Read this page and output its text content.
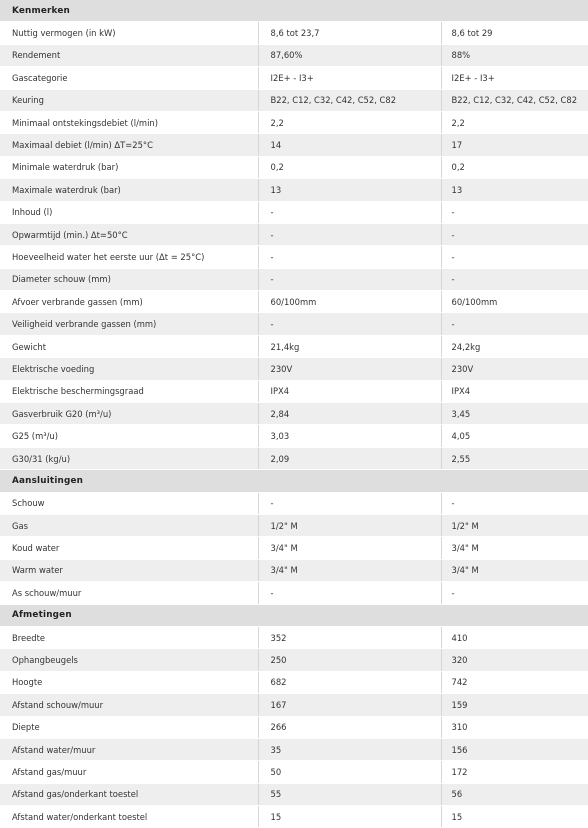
Kenmerken		
Nuttig vermogen (in kW)	8,6 tot 23,7	8,6 tot 29
Rendement	87,60%	88%
Gascategorie	I2E+ - I3+	I2E+ - I3+
Keuring	B22, C12, C32, C42, C52, C82	B22, C12, C32, C42, C52, C82
Minimaal ontstekingsdebiet (l/min)	2,2	2,2
Maximaal debiet (l/min) ΔT=25°C	14	17
Minimale waterdruk (bar)	0,2	0,2
Maximale waterdruk (bar)	13	13
Inhoud (l)	-	-
Opwarmtijd (min.) Δt=50°C	-	-
Hoeveelheid water het eerste uur (Δt = 25°C)	-	-
Diameter schouw (mm)	-	-
Afvoer verbrande gassen (mm)	60/100mm	60/100mm
Veiligheid verbrande gassen (mm)	-	-
Gewicht	21,4kg	24,2kg
Elektrische voeding	230V	230V
Elektrische beschermingsgraad	IPX4	IPX4
Gasverbruik G20 (m³/u)	2,84	3,45
G25 (m³/u)	3,03	4,05
G30/31 (kg/u)	2,09	2,55
Aansluitingen		
Schouw	-	-
Gas	1/2" M	1/2" M
Koud water	3/4" M	3/4" M
Warm water	3/4" M	3/4" M
As schouw/muur	-	-
Afmetingen		
Breedte	352	410
Ophangbeugels	250	320
Hoogte	682	742
Afstand schouw/muur	167	159
Diepte	266	310
Afstand water/muur	35	156
Afstand gas/muur	50	172
Afstand gas/onderkant toestel	55	56
Afstand water/onderkant toestel	15	15
